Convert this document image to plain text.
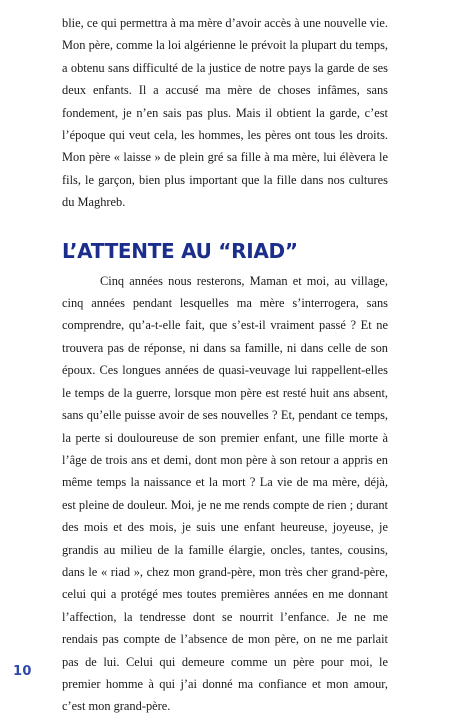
blie, ce qui permettra à ma mère d’avoir accès à une nouvelle vie. Mon père, comme la loi algérienne le prévoit la plupart du temps, a obtenu sans difficulté de la justice de notre pays la garde de ses deux enfants. Il a accusé ma mère de choses infâmes, sans fondement, je n’en sais pas plus. Mais il obtient la garde, c’est l’époque qui veut cela, les hommes, les pères ont tous les droits. Mon père « laisse » de plein gré sa fille à ma mère, lui élèvera le fils, le garçon, bien plus important que la fille dans nos cultures du Maghreb.

L’ATTENTE AU “RIAD”

Cinq années nous resterons, Maman et moi, au village, cinq années pendant lesquelles ma mère s’interrogera, sans comprendre, qu’a-t-elle fait, que s’est-il vraiment passé ? Et ne trouvera pas de réponse, ni dans sa famille, ni dans celle de son époux. Ces longues années de quasi-veuvage lui rappellent-elles le temps de la guerre, lorsque mon père est resté huit ans absent, sans qu’elle puisse avoir de ses nouvelles ? Et, pendant ce temps, la perte si douloureuse de son premier enfant, une fille morte à l’âge de trois ans et demi, dont mon père à son retour a appris en même temps la naissance et la mort ? La vie de ma mère, déjà, est pleine de douleur. Moi, je ne me rends compte de rien ; durant des mois et des mois, je suis une enfant heureuse, joyeuse, je grandis au milieu de la famille élargie, oncles, tantes, cousins, dans le « riad », chez mon grand-père, mon très cher grand-père, celui qui a protégé mes toutes premières années en me donnant l’affection, la tendresse dont se nourrit l’enfance. Je ne me rendais pas compte de l’absence de mon père, on ne me parlait pas de lui. Celui qui demeure comme un père pour moi, le premier homme à qui j’ai donné ma confiance et mon amour, c’est mon grand-père.

10
